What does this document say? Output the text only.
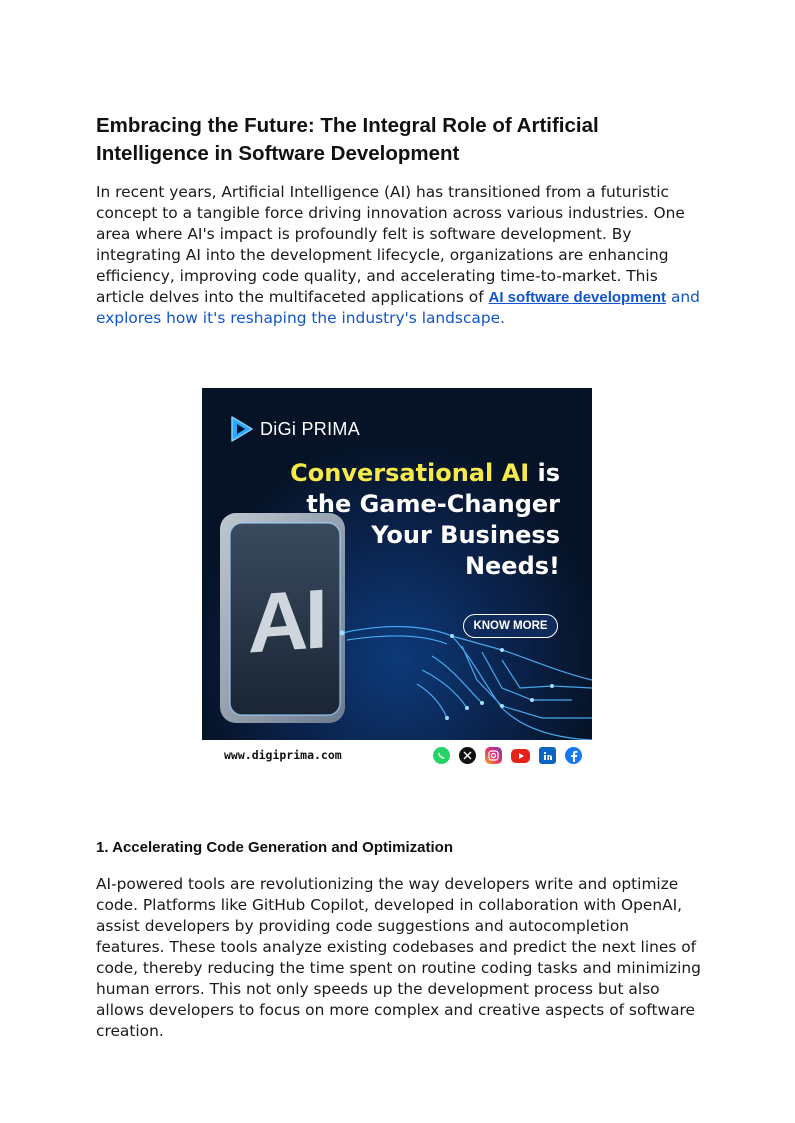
Embracing the Future: The Integral Role of Artificial Intelligence in Software Development

In recent years, Artificial Intelligence (AI) has transitioned from a futuristic concept to a tangible force driving innovation across various industries. One area where AI's impact is profoundly felt is software development. By integrating AI into the development lifecycle, organizations are enhancing efficiency, improving code quality, and accelerating time-to-market. This article delves into the multifaceted applications of AI software development and explores how it's reshaping the industry's landscape.

1. Accelerating Code Generation and Optimization

AI-powered tools are revolutionizing the way developers write and optimize code. Platforms like GitHub Copilot, developed in collaboration with OpenAI, assist developers by providing code suggestions and autocompletion features. These tools analyze existing codebases and predict the next lines of code, thereby reducing the time spent on routine coding tasks and minimizing human errors. This not only speeds up the development process but also allows developers to focus on more complex and creative aspects of software creation.

AI
DiGi PRIMA
Conversational AI is
the Game-Changer
Your Business
Needs!
KNOW MORE
www.digiprima.com
